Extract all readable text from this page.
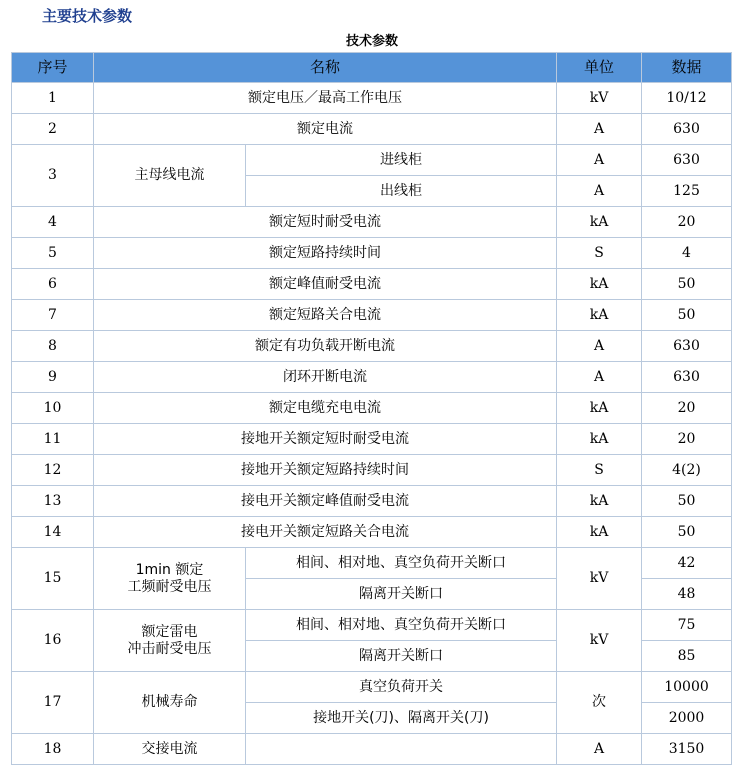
主要技术参数
技术参数
序号	名称		单位	数据
1	额定电压／最高工作电压		kV	10/12
2	额定电流		A	630
3	主母线电流	进线柜	A	630
		出线柜	A	125
4	额定短时耐受电流		kA	20
5	额定短路持续时间		S	4
6	额定峰值耐受电流		kA	50
7	额定短路关合电流		kA	50
8	额定有功负载开断电流		A	630
9	闭环开断电流		A	630
10	额定电缆充电电流		kA	20
11	接地开关额定短时耐受电流		kA	20
12	接地开关额定短路持续时间		S	4(2)
13	接电开关额定峰值耐受电流		kA	50
14	接电开关额定短路关合电流		kA	50
15	1min 额定
工频耐受电压	相间、相对地、真空负荷开关断口	kV	42
		隔离开关断口		48
16	额定雷电
冲击耐受电压	相间、相对地、真空负荷开关断口	kV	75
		隔离开关断口		85
17	机械寿命	真空负荷开关	次	10000
		接地开关(刀)、隔离开关(刀)		2000
18	交接电流		A	3150
